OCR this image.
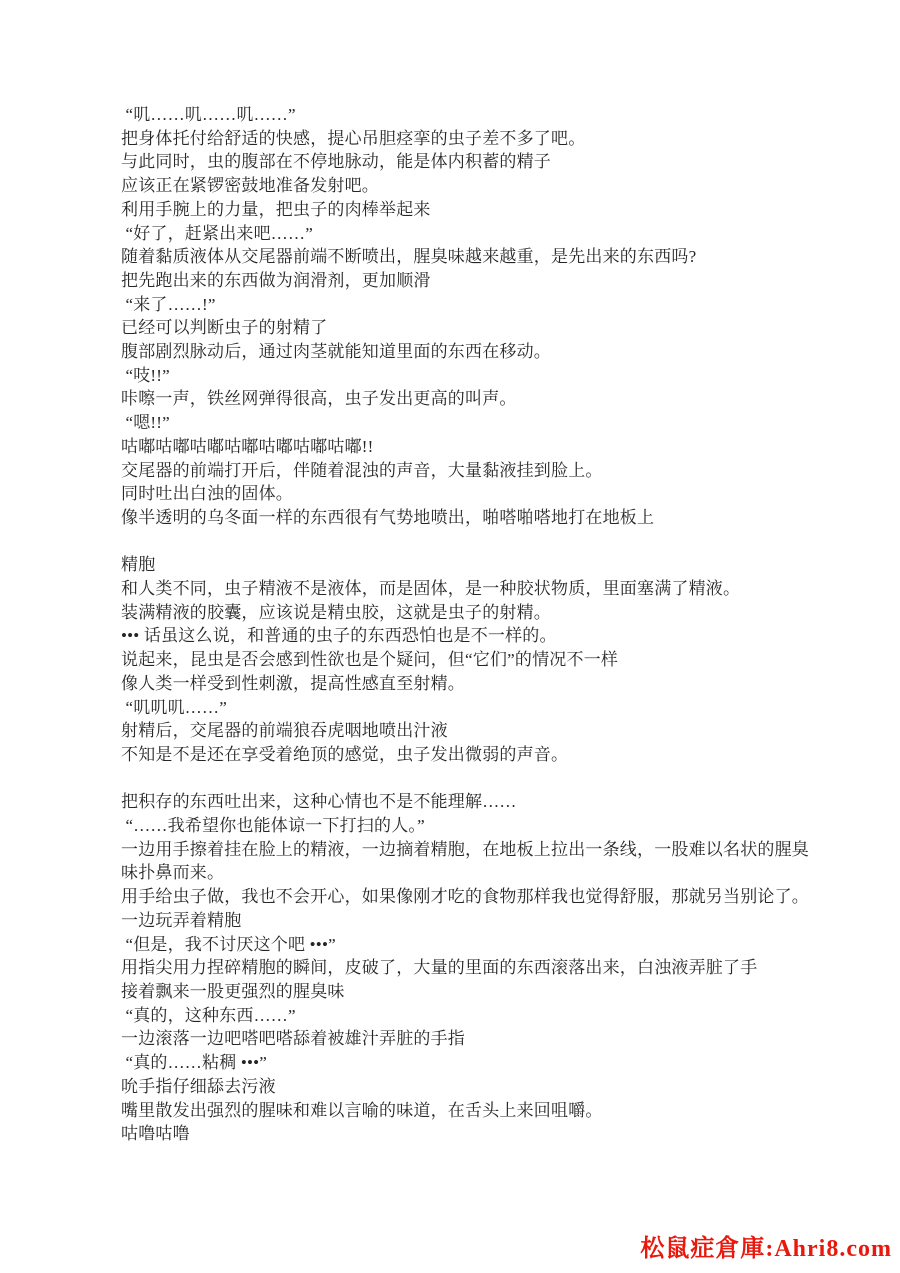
“叽……叽……叽……”
把身体托付给舒适的快感，提心吊胆痉挛的虫子差不多了吧。
与此同时，虫的腹部在不停地脉动，能是体内积蓄的精子
应该正在紧锣密鼓地准备发射吧。
利用手腕上的力量，把虫子的肉棒举起来
“好了，赶紧出来吧……”
随着黏质液体从交尾器前端不断喷出，腥臭味越来越重，是先出来的东西吗?
把先跑出来的东西做为润滑剂，更加顺滑
“来了……!”
已经可以判断虫子的射精了
腹部剧烈脉动后，通过肉茎就能知道里面的东西在移动。
“吱!!”
咔嚓一声，铁丝网弹得很高，虫子发出更高的叫声。
“嗯!!”
咕嘟咕嘟咕嘟咕嘟咕嘟咕嘟咕嘟!!
交尾器的前端打开后，伴随着混浊的声音，大量黏液挂到脸上。
同时吐出白浊的固体。
像半透明的乌冬面一样的东西很有气势地喷出，啪嗒啪嗒地打在地板上
精胞
和人类不同，虫子精液不是液体，而是固体，是一种胶状物质，里面塞满了精液。
装满精液的胶囊，应该说是精虫胶，这就是虫子的射精。
••• 话虽这么说，和普通的虫子的东西恐怕也是不一样的。
说起来，昆虫是否会感到性欲也是个疑问，但“它们”的情况不一样
像人类一样受到性刺激，提高性感直至射精。
“叽叽叽……”
射精后，交尾器的前端狼吞虎咽地喷出汁液
不知是不是还在享受着绝顶的感觉，虫子发出微弱的声音。
把积存的东西吐出来，这种心情也不是不能理解……
“……我希望你也能体谅一下打扫的人。”
一边用手擦着挂在脸上的精液，一边摘着精胞，在地板上拉出一条线，一股难以名状的腥臭
味扑鼻而来。
用手给虫子做，我也不会开心，如果像刚才吃的食物那样我也觉得舒服，那就另当别论了。
一边玩弄着精胞
“但是，我不讨厌这个吧 •••”
用指尖用力捏碎精胞的瞬间，皮破了，大量的里面的东西滚落出来，白浊液弄脏了手
接着飘来一股更强烈的腥臭味
“真的，这种东西……”
一边滚落一边吧嗒吧嗒舔着被雄汁弄脏的手指
“真的……粘稠 •••”
吮手指仔细舔去污液
嘴里散发出强烈的腥味和难以言喻的味道，在舌头上来回咀嚼。
咕噜咕噜
松鼠症倉庫:Ahri8.com
